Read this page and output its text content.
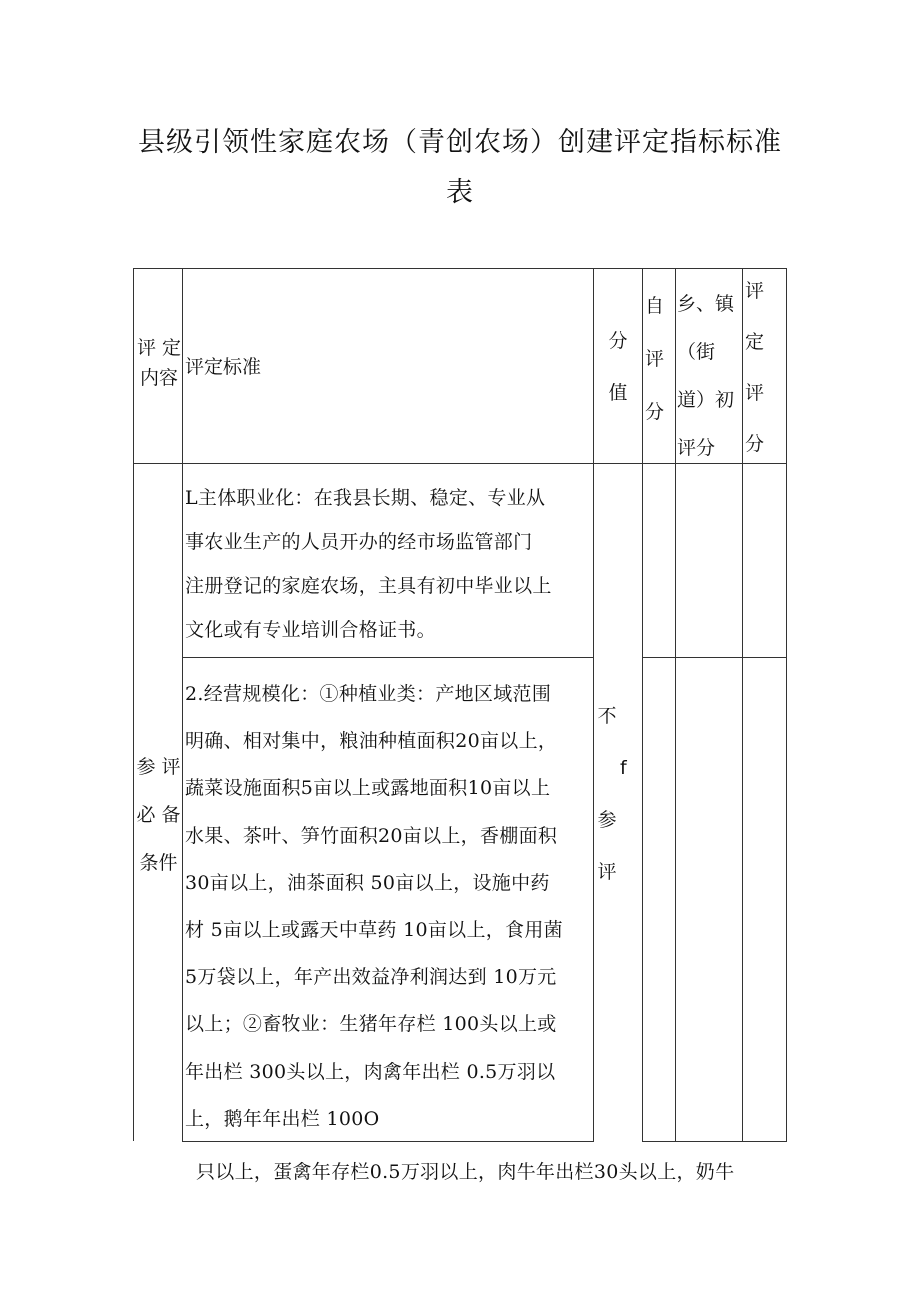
县级引领性家庭农场（青创农场）创建评定指标标准
表
评 定
内容 评定标准
分
值
自
评
分
乡、镇
（街
道）初
评分
评
定
评
分
参 评
必 备
条件
不
f
参
评
L主体职业化：在我县长期、稳定、专业从
事农业生产的人员开办的经市场监管部门
注册登记的家庭农场，主具有初中毕业以上
文化或有专业培训合格证书。
2.经营规模化：①种植业类：产地区域范围
明确、相对集中，粮油种植面积20亩以上，
蔬菜设施面积5亩以上或露地面积10亩以上
水果、茶叶、笋竹面积20亩以上，香棚面积
30亩以上，油茶面积 50亩以上，设施中药
材 5亩以上或露天中草药 10亩以上，食用菌
5万袋以上，年产出效益净利润达到 10万元
以上；②畜牧业：生猪年存栏 100头以上或
年出栏 300头以上，肉禽年出栏 0.5万羽以
上，鹅年年出栏 100O
只以上，蛋禽年存栏0.5万羽以上，肉牛年出栏30头以上，奶牛
